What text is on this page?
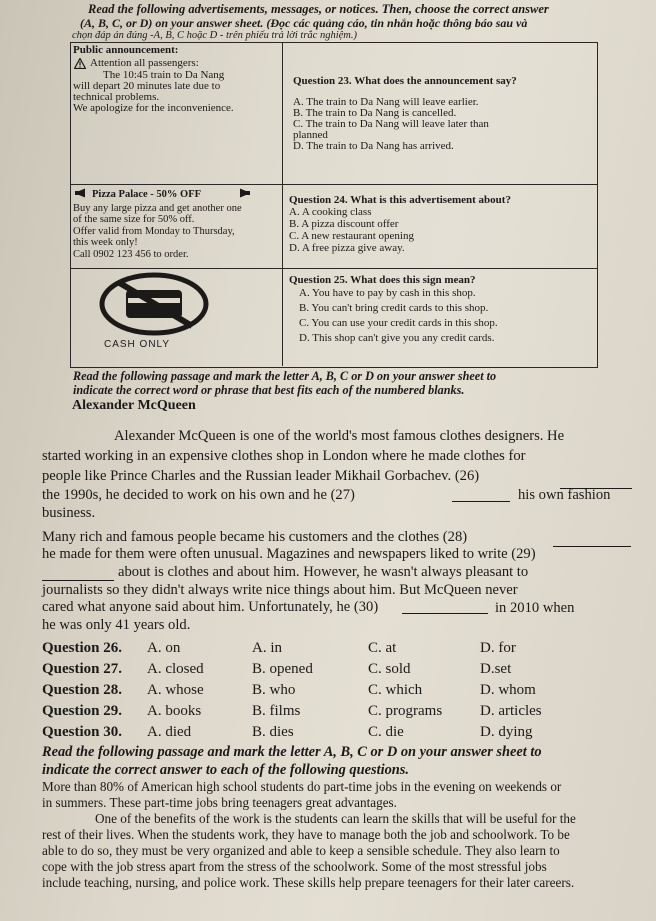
Read the following advertisements, messages, or notices. Then, choose the correct answer
(A, B, C, or D) on your answer sheet. (Đọc các quảng cáo, tin nhắn hoặc thông báo sau và
chọn đáp án đúng -A, B, C hoặc D - trên phiếu trả lời trắc nghiệm.)
Public announcement:
Attention all passengers:
The 10:45 train to Da Nang
will depart 20 minutes late due to
technical problems.
We apologize for the inconvenience.
Question 23. What does the announcement say?
A. The train to Da Nang will leave earlier.
B. The train to Da Nang is cancelled.
C. The train to Da Nang will leave later than
planned
D. The train to Da Nang has arrived.
Pizza Palace - 50% OFF
Buy any large pizza and get another one
of the same size for 50% off.
Offer valid from Monday to Thursday,
this week only!
Call 0902 123 456 to order.
Question 24. What is this advertisement about?
A. A cooking class
B. A pizza discount offer
C. A new restaurant opening
D. A free pizza give away.
CASH ONLY
Question 25. What does this sign mean?
A. You have to pay by cash in this shop.
B. You can't bring credit cards to this shop.
C. You can use your credit cards in this shop.
D. This shop can't give you any credit cards.
Read the following passage and mark the letter A, B, C or D on your answer sheet to
indicate the correct word or phrase that best fits each of the numbered blanks.
Alexander McQueen
Alexander McQueen is one of the world's most famous clothes designers. He
started working in an expensive clothes shop in London where he made clothes for
people like Prince Charles and the Russian leader Mikhail Gorbachev. (26)
the 1990s, he decided to work on his own and he (27)	his own fashion
business.
Many rich and famous people became his customers and the clothes (28)
he made for them were often unusual. Magazines and newspapers liked to write (29)
about is clothes and about him. However, he wasn't always pleasant to
journalists so they didn't always write nice things about him. But McQueen never
cared what anyone said about him. Unfortunately, he (30)	in 2010 when
he was only 41 years old.
Question 26. A. on	A. in	C. at	D. for
Question 27. A. closed	B. opened	C. sold	D.set
Question 28. A. whose	B. who	C. which	D. whom
Question 29. A. books	B. films	C. programs	D. articles
Question 30. A. died	B. dies	C. die	D. dying
Read the following passage and mark the letter A, B, C or D on your answer sheet to
indicate the correct answer to each of the following questions.
More than 80% of American high school students do part-time jobs in the evening on weekends or
in summers. These part-time jobs bring teenagers great advantages.
One of the benefits of the work is the students can learn the skills that will be useful for the
rest of their lives. When the students work, they have to manage both the job and schoolwork. To be
able to do so, they must be very organized and able to keep a sensible schedule. They also learn to
cope with the job stress apart from the stress of the schoolwork. Some of the most stressful jobs
include teaching, nursing, and police work. These skills help prepare teenagers for their later careers.
